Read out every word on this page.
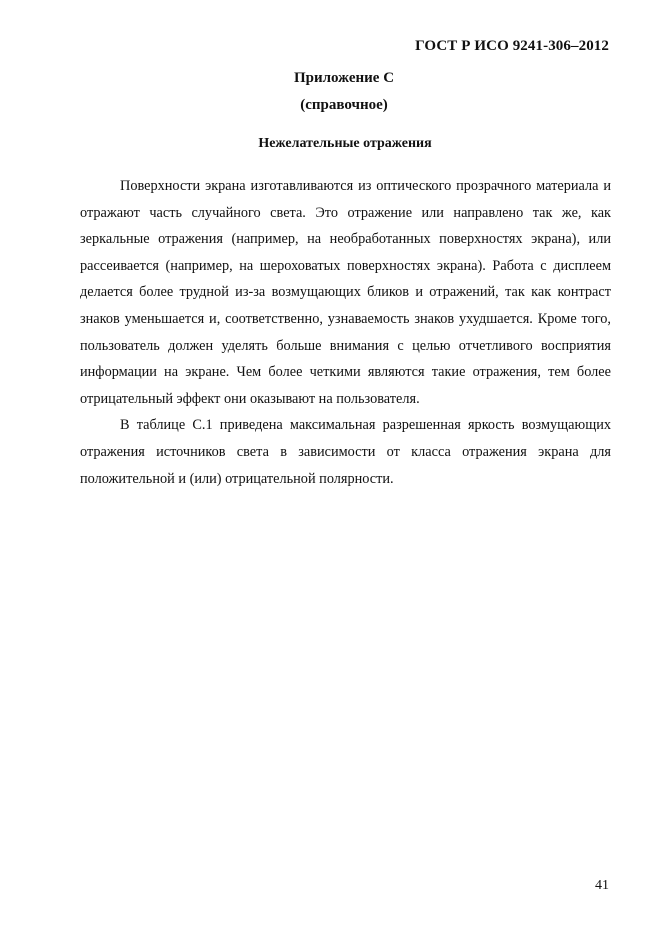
ГОСТ Р ИСО 9241-306–2012
Приложение С
(справочное)
Нежелательные отражения

Поверхности экрана изготавливаются из оптического прозрачного материала и отражают часть случайного света. Это отражение или направлено так же, как зеркальные отражения (например, на необработанных поверхностях экрана), или рассеивается (например, на шероховатых поверхностях экрана). Работа с дисплеем делается более трудной из-за возмущающих бликов и отражений, так как контраст знаков уменьшается и, соответственно, узнаваемость знаков ухудшается. Кроме того, пользователь должен уделять больше внимания с целью отчетливого восприятия информации на экране. Чем более четкими являются такие отражения, тем более отрицательный эффект они оказывают на пользователя.

В таблице С.1 приведена максимальная разрешенная яркость возмущающих отражения источников света в зависимости от класса отражения экрана для положительной и (или) отрицательной полярности.

41
